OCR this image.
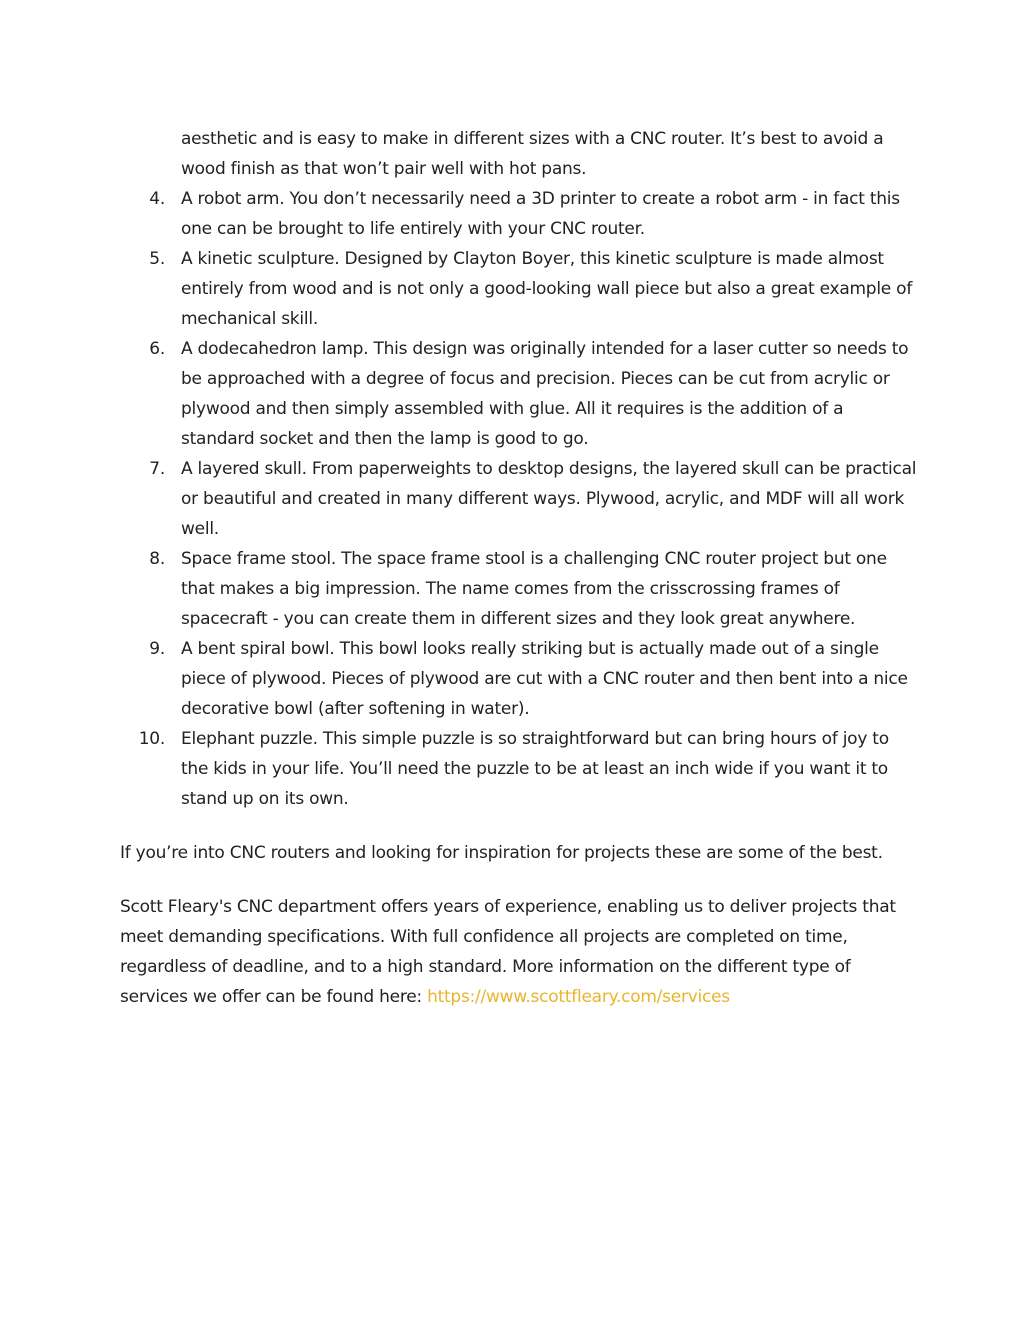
aesthetic and is easy to make in different sizes with a CNC router. It’s best to avoid a wood finish as that won’t pair well with hot pans.

4. A robot arm. You don’t necessarily need a 3D printer to create a robot arm - in fact this one can be brought to life entirely with your CNC router.
5. A kinetic sculpture. Designed by Clayton Boyer, this kinetic sculpture is made almost entirely from wood and is not only a good-looking wall piece but also a great example of mechanical skill.
6. A dodecahedron lamp. This design was originally intended for a laser cutter so needs to be approached with a degree of focus and precision. Pieces can be cut from acrylic or plywood and then simply assembled with glue. All it requires is the addition of a standard socket and then the lamp is good to go.
7. A layered skull. From paperweights to desktop designs, the layered skull can be practical or beautiful and created in many different ways. Plywood, acrylic, and MDF will all work well.
8. Space frame stool. The space frame stool is a challenging CNC router project but one that makes a big impression. The name comes from the crisscrossing frames of spacecraft - you can create them in different sizes and they look great anywhere.
9. A bent spiral bowl. This bowl looks really striking but is actually made out of a single piece of plywood. Pieces of plywood are cut with a CNC router and then bent into a nice decorative bowl (after softening in water).
10. Elephant puzzle. This simple puzzle is so straightforward but can bring hours of joy to the kids in your life. You’ll need the puzzle to be at least an inch wide if you want it to stand up on its own.

If you’re into CNC routers and looking for inspiration for projects these are some of the best.

Scott Fleary's CNC department offers years of experience, enabling us to deliver projects that meet demanding specifications. With full confidence all projects are completed on time, regardless of deadline, and to a high standard. More information on the different type of services we offer can be found here: https://www.scottfleary.com/services
